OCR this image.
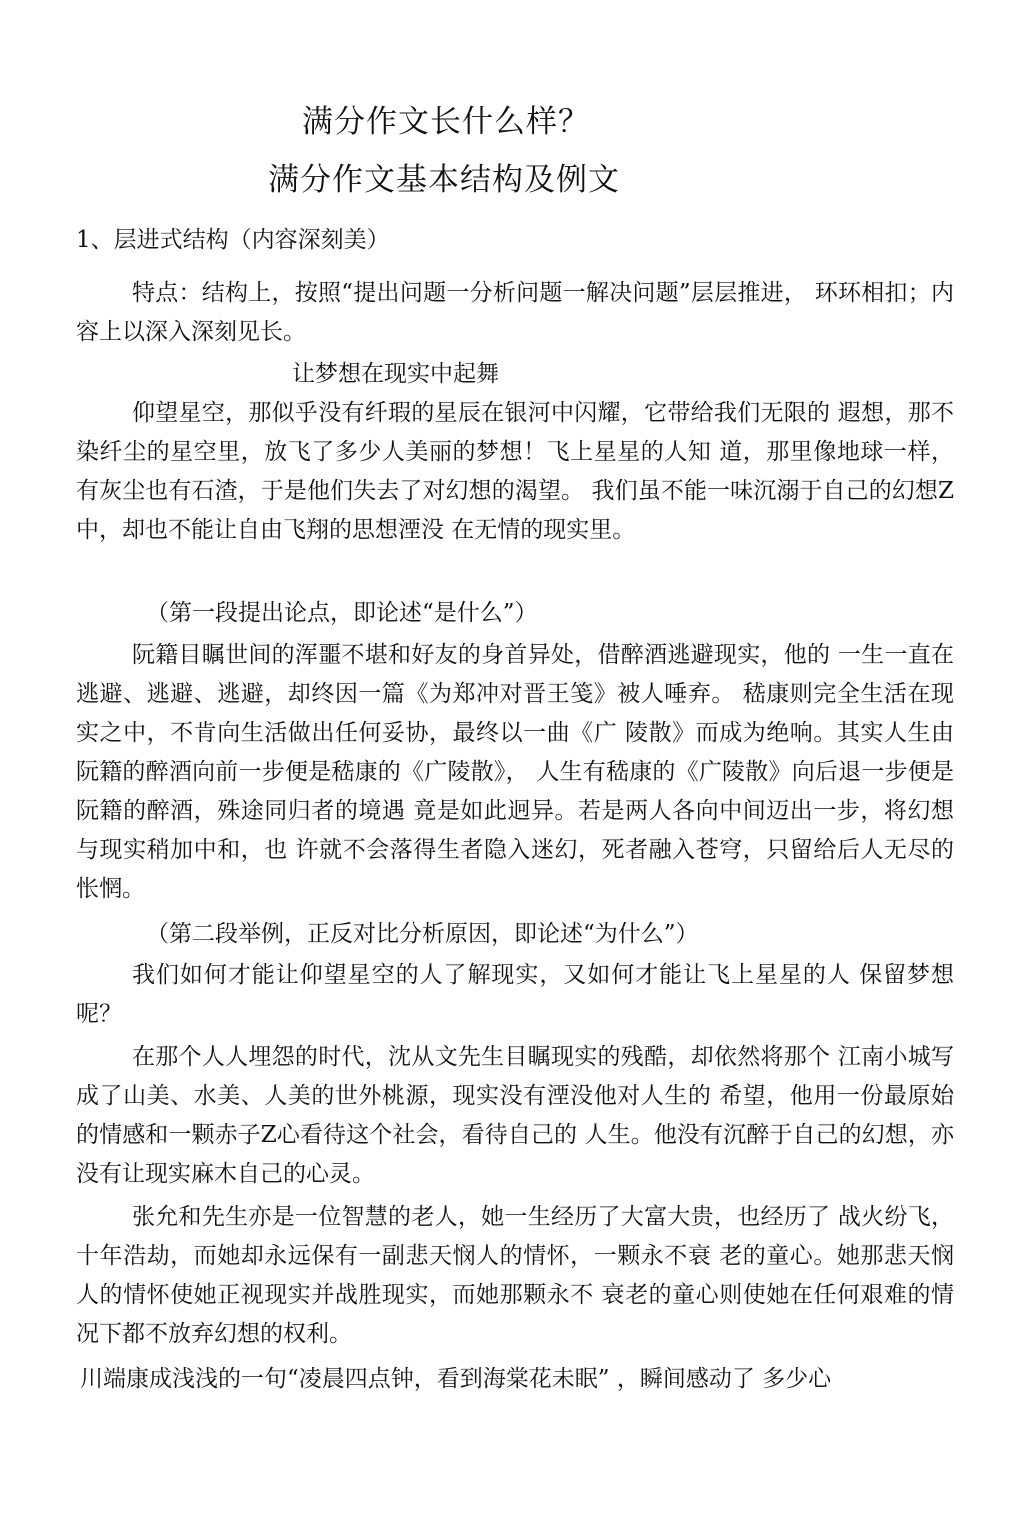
满分作文长什么样？
满分作文基本结构及例文
1、层进式结构（内容深刻美）

特点：结构上，按照“提出问题一分析问题一解决问题”层层推进， 环环相扣；内容上以深入深刻见长。

让梦想在现实中起舞

仰望星空，那似乎没有纤瑕的星辰在银河中闪耀，它带给我们无限的 遐想，那不染纤尘的星空里，放飞了多少人美丽的梦想！飞上星星的人知 道，那里像地球一样，有灰尘也有石渣，于是他们失去了对幻想的渴望。 我们虽不能一味沉溺于自己的幻想Z中，却也不能让自由飞翔的思想湮没 在无情的现实里。

（第一段提出论点，即论述“是什么”）

阮籍目瞩世间的浑噩不堪和好友的身首异处，借醉酒逃避现实，他的 一生一直在逃避、逃避、逃避，却终因一篇《为郑冲对晋王笺》被人唾弃。 嵇康则完全生活在现实之中，不肯向生活做出任何妥协，最终以一曲《广 陵散》而成为绝响。其实人生由阮籍的醉酒向前一步便是嵇康的《广陵散》， 人生有嵇康的《广陵散》向后退一步便是阮籍的醉酒，殊途同归者的境遇 竟是如此迥异。若是两人各向中间迈出一步，将幻想与现实稍加中和，也 许就不会落得生者隐入迷幻，死者融入苍穹，只留给后人无尽的怅惘。

（第二段举例，正反对比分析原因，即论述“为什么”）

我们如何才能让仰望星空的人了解现实，又如何才能让飞上星星的人 保留梦想呢？

在那个人人埋怨的时代，沈从文先生目瞩现实的残酷，却依然将那个 江南小城写成了山美、水美、人美的世外桃源，现实没有湮没他对人生的 希望，他用一份最原始的情感和一颗赤子Z心看待这个社会，看待自己的 人生。他没有沉醉于自己的幻想，亦没有让现实麻木自己的心灵。

张允和先生亦是一位智慧的老人，她一生经历了大富大贵，也经历了 战火纷飞，十年浩劫，而她却永远保有一副悲天悯人的情怀，一颗永不衰 老的童心。她那悲天悯人的情怀使她正视现实并战胜现实，而她那颗永不 衰老的童心则使她在任何艰难的情况下都不放弃幻想的权利。

川端康成浅浅的一句“凌晨四点钟，看到海棠花未眠” ，瞬间感动了 多少心
